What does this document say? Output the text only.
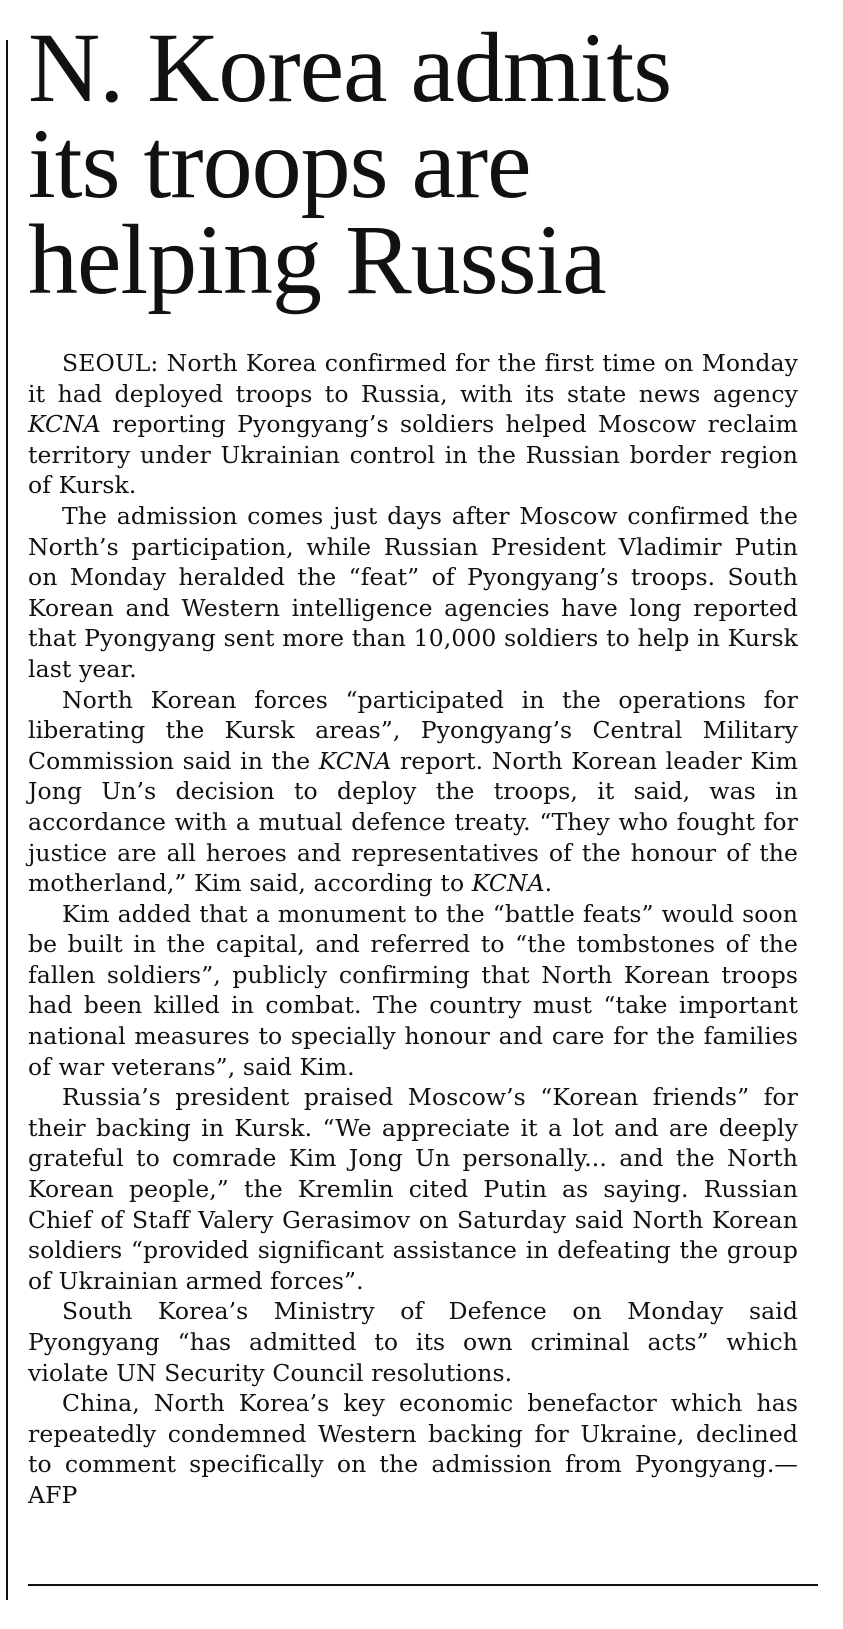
N. Korea admits
its troops are
helping Russia

SEOUL: North Korea confirmed for the first time on Monday it had deployed troops to Russia, with its state news agency KCNA reporting Pyongyang’s soldiers helped Moscow reclaim territory under Ukrainian control in the Russian border region of Kursk.

The admission comes just days after Moscow confirmed the North’s participation, while Russian President Vladimir Putin on Monday heralded the “feat” of Pyongyang’s troops. South Korean and Western intelligence agencies have long reported that Pyongyang sent more than 10,000 soldiers to help in Kursk last year.

North Korean forces “participated in the operations for liberating the Kursk areas”, Pyongyang’s Central Military Commission said in the KCNA report. North Korean leader Kim Jong Un’s decision to deploy the troops, it said, was in accordance with a mutual defence treaty. “They who fought for justice are all heroes and representatives of the honour of the motherland,” Kim said, according to KCNA.

Kim added that a monument to the “battle feats” would soon be built in the capital, and referred to “the tombstones of the fallen soldiers”, publicly confirming that North Korean troops had been killed in combat. The country must “take important national measures to specially honour and care for the families of war veterans”, said Kim.

Russia’s president praised Moscow’s “Korean friends” for their backing in Kursk. “We appreciate it a lot and are deeply grateful to comrade Kim Jong Un personally... and the North Korean people,” the Kremlin cited Putin as saying. Russian Chief of Staff Valery Gerasimov on Saturday said North Korean soldiers “provided significant assistance in defeating the group of Ukrainian armed forces”.

South Korea’s Ministry of Defence on Monday said Pyongyang “has admitted to its own criminal acts” which violate UN Security Council resolutions.

China, North Korea’s key economic benefactor which has repeatedly condemned Western backing for Ukraine, declined to comment specifically on the admission from Pyongyang.—AFP
